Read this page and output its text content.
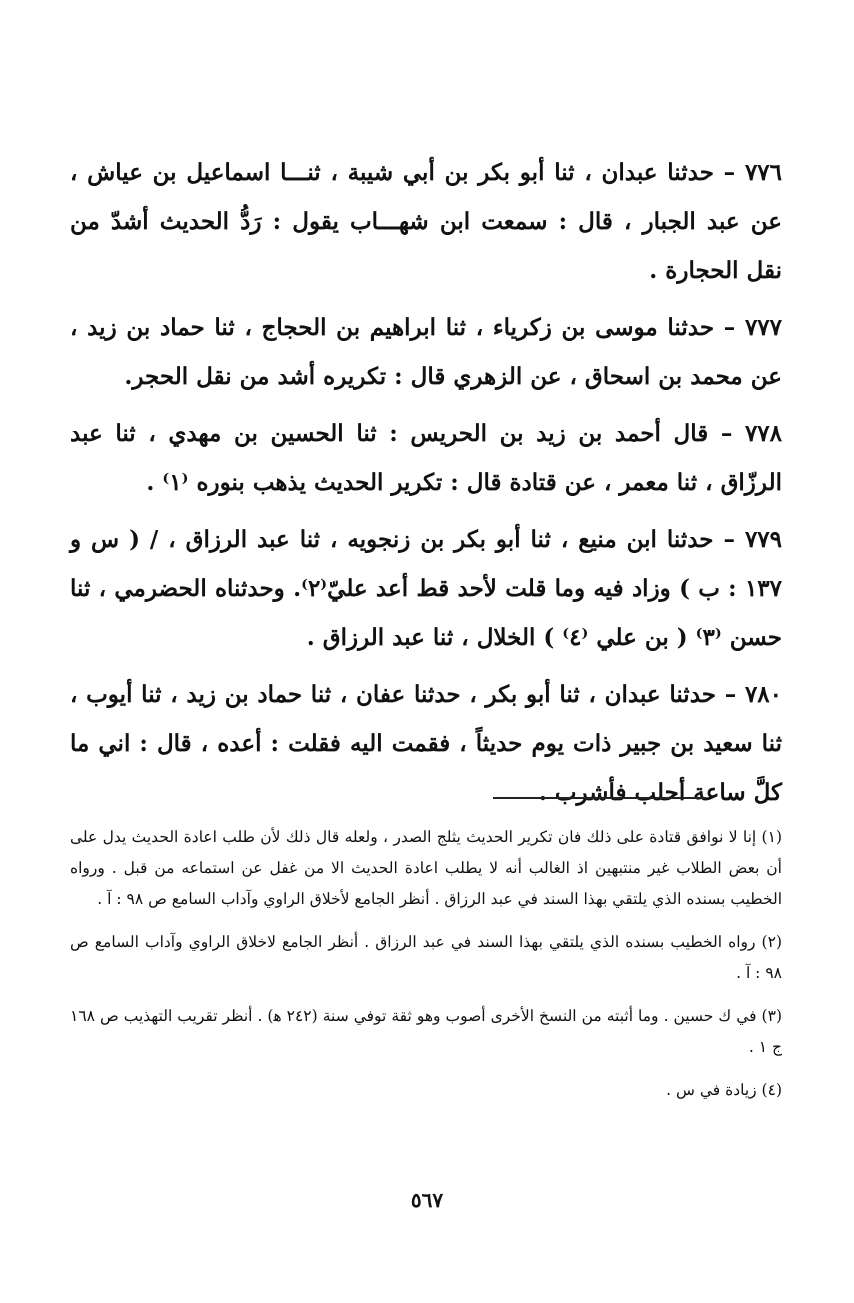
٧٧٦ – حدثنا عبدان ، ثنا أبو بكر بن أبي شيبة ، ثنـــا اسماعيل بن عياش ، عن عبد الجبار ، قال : سمعت ابن شهـــاب يقول : رَدُّ الحديث أشدّ من نقل الحجارة .

٧٧٧ – حدثنا موسى بن زكرياء ، ثنا ابراهيم بن الحجاج ، ثنا حماد بن زيد ، عن محمد بن اسحاق ، عن الزهري قال : تكريره أشد من نقل الحجر.

٧٧٨ – قال أحمد بن زيد بن الحريس : ثنا الحسين بن مهدي ، ثنا عبد الرزّاق ، ثنا معمر ، عن قتادة قال : تكرير الحديث يذهب بنوره ⁽١⁾ .

٧٧٩ – حدثنا ابن منيع ، ثنا أبو بكر بن زنجويه ، ثنا عبد الرزاق ، / ( س و ١٣٧ : ب ) وزاد فيه وما قلت لأحد قط أعد عليّ⁽٢⁾. وحدثناه الحضرمي ، ثنا حسن ⁽٣⁾ ( بن علي ⁽٤⁾ ) الخلال ، ثنا عبد الرزاق .

٧٨٠ – حدثنا عبدان ، ثنا أبو بكر ، حدثنا عفان ، ثنا حماد بن زيد ، ثنا أيوب ، ثنا سعيد بن جبير ذات يوم حديثاً ، فقمت اليه فقلت : أعده ، قال : اني ما كلَّ ساعة أحلب فأشرب .

(١) إنا لا نوافق قتادة على ذلك فان تكرير الحديث يثلج الصدر ، ولعله قال ذلك لأن طلب اعادة الحديث يدل على أن بعض الطلاب غير منتبهين اذ الغالب أنه لا يطلب اعادة الحديث الا من غفل عن استماعه من قبل . ورواه الخطيب بسنده الذي يلتقي بهذا السند في عبد الرزاق . أنظر الجامع لأخلاق الراوي وآداب السامع ص ٩٨ : آ .

(٢) رواه الخطيب بسنده الذي يلتقي بهذا السند في عبد الرزاق . أنظر الجامع لاخلاق الراوي وآداب السامع ص ٩٨ : آ .

(٣) في ك حسين . وما أثبته من النسخ الأخرى أصوب وهو ثقة توفي سنة (٢٤٢ ﻫ) . أنظر تقريب التهذيب ص ١٦٨ ج ١ .

(٤) زيادة في س .

٥٦٧
